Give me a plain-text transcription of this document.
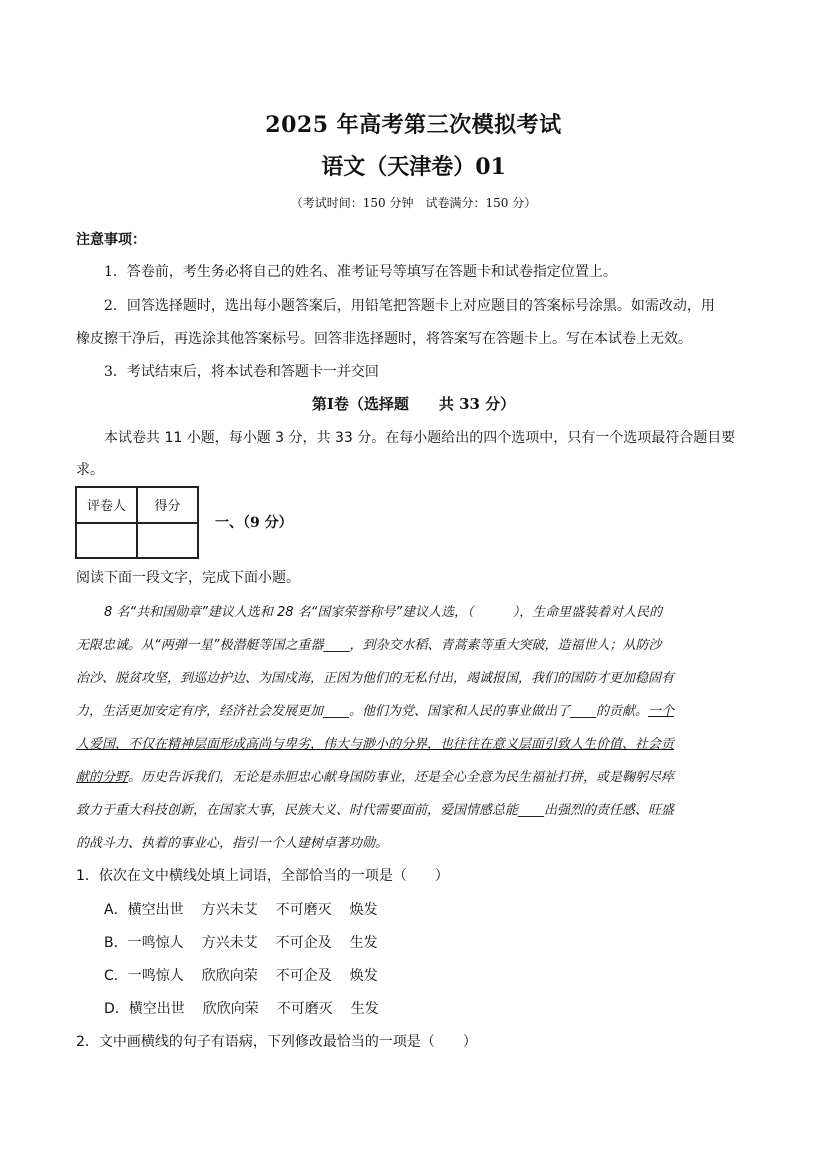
2025 年高考第三次模拟考试
语文（天津卷）01
（考试时间：150 分钟　试卷满分：150 分）
注意事项：
1．答卷前，考生务必将自己的姓名、准考证号等填写在答题卡和试卷指定位置上。
2．回答选择题时，选出每小题答案后，用铅笔把答题卡上对应题目的答案标号涂黑。如需改动，用
橡皮擦干净后，再选涂其他答案标号。回答非选择题时，将答案写在答题卡上。写在本试卷上无效。
3．考试结束后，将本试卷和答题卡一并交回
第Ⅰ卷（选择题　　共 33 分）
本试卷共 11 小题，每小题 3 分，共 33 分。在每小题给出的四个选项中，只有一个选项最符合题目要
求。
评卷人	得分

一、（9 分）
阅读下面一段文字，完成下面小题。
8 名“共和国勋章”建议人选和 28 名“国家荣誉称号”建议人选，（　　　），生命里盛装着对人民的
无限忠诚。从“两弹一星”极潜艇等国之重器____，到杂交水稻、青蒿素等重大突破，造福世人；从防沙
治沙、脱贫攻坚，到巡边护边、为国戍海，正因为他们的无私付出，竭诚报国，我们的国防才更加稳固有
力，生活更加安定有序，经济社会发展更加____。他们为党、国家和人民的事业做出了____的贡献。一个
人爱国，不仅在精神层面形成高尚与卑劣，伟大与渺小的分界，也往往在意义层面引致人生价值、社会贡
献的分野。历史告诉我们，无论是赤胆忠心献身国防事业，还是全心全意为民生福祉打拼，或是鞠躬尽瘁
致力于重大科技创新，在国家大事，民族大义、时代需要面前，爱国情感总能____出强烈的责任感、旺盛
的战斗力、执着的事业心，指引一个人建树卓著功勋。
1．依次在文中横线处填上词语，全部恰当的一项是（　　）
A．横空出世 方兴未艾 不可磨灭 焕发
B．一鸣惊人 方兴未艾 不可企及 生发
C．一鸣惊人 欣欣向荣 不可企及 焕发
D．横空出世 欣欣向荣 不可磨灭 生发
2．文中画横线的句子有语病，下列修改最恰当的一项是（　　）
